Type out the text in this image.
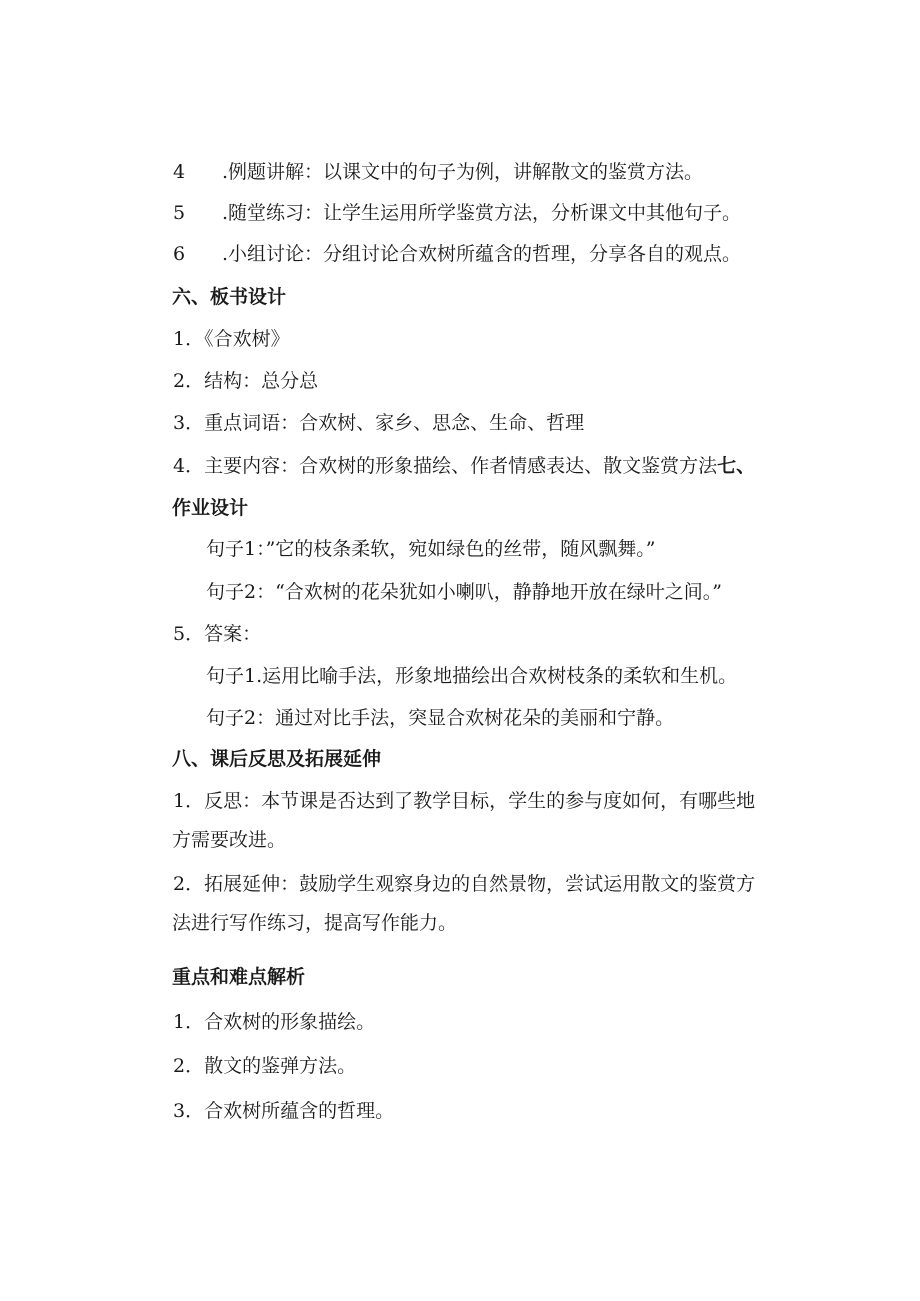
4	.例题讲解：以课文中的句子为例，讲解散文的鉴赏方法。
5	.随堂练习：让学生运用所学鉴赏方法，分析课文中其他句子。
6	.小组讨论：分组讨论合欢树所蕴含的哲理，分享各自的观点。
六、板书设计
1．《合欢树》
2．结构：总分总
3．重点词语：合欢树、家乡、思念、生命、哲理
4．主要内容：合欢树的形象描绘、作者情感表达、散文鉴赏方法七、
作业设计
句子1：”它的枝条柔软，宛如绿色的丝带，随风飘舞。”
句子2：“合欢树的花朵犹如小喇叭，静静地开放在绿叶之间。”
5．答案：
句子1.运用比喻手法，形象地描绘出合欢树枝条的柔软和生机。
句子2：通过对比手法，突显合欢树花朵的美丽和宁静。
八、课后反思及拓展延伸
1．反思：本节课是否达到了教学目标，学生的参与度如何，有哪些地
方需要改进。
2．拓展延伸：鼓励学生观察身边的自然景物，尝试运用散文的鉴赏方
法进行写作练习，提高写作能力。
重点和难点解析
1．合欢树的形象描绘。
2．散文的鉴弹方法。
3．合欢树所蕴含的哲理。
